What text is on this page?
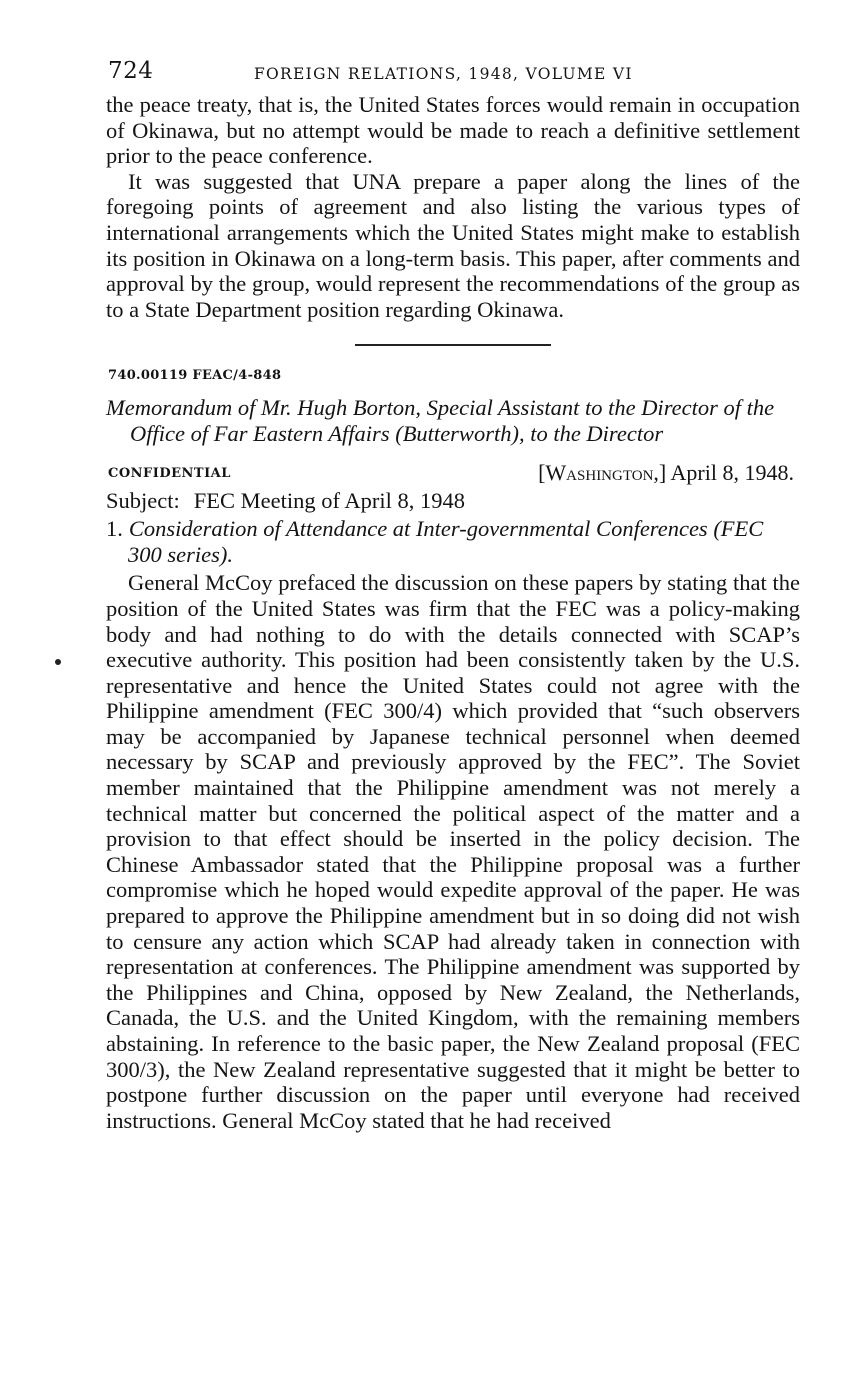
724	FOREIGN RELATIONS, 1948, VOLUME VI

the peace treaty, that is, the United States forces would remain in occupation of Okinawa, but no attempt would be made to reach a definitive settlement prior to the peace conference.

It was suggested that UNA prepare a paper along the lines of the foregoing points of agreement and also listing the various types of international arrangements which the United States might make to establish its position in Okinawa on a long-term basis. This paper, after comments and approval by the group, would represent the recommendations of the group as to a State Department position regarding Okinawa.

740.00119 FEAC/4-848

Memorandum of Mr. Hugh Borton, Special Assistant to the Director of the Office of Far Eastern Affairs (Butterworth), to the Director

CONFIDENTIAL	[Washington,] April 8, 1948.
Subject: FEC Meeting of April 8, 1948

1. Consideration of Attendance at Inter-governmental Conferences (FEC 300 series).

General McCoy prefaced the discussion on these papers by stating that the position of the United States was firm that the FEC was a policy-making body and had nothing to do with the details connected with SCAP’s executive authority. This position had been consistently taken by the U.S. representative and hence the United States could not agree with the Philippine amendment (FEC 300/4) which provided that “such observers may be accompanied by Japanese technical personnel when deemed necessary by SCAP and previously approved by the FEC”. The Soviet member maintained that the Philippine amendment was not merely a technical matter but concerned the political aspect of the matter and a provision to that effect should be inserted in the policy decision. The Chinese Ambassador stated that the Philippine proposal was a further compromise which he hoped would expedite approval of the paper. He was prepared to approve the Philippine amendment but in so doing did not wish to censure any action which SCAP had already taken in connection with representation at conferences. The Philippine amendment was supported by the Philippines and China, opposed by New Zealand, the Netherlands, Canada, the U.S. and the United Kingdom, with the remaining members abstaining. In reference to the basic paper, the New Zealand proposal (FEC 300/3), the New Zealand representative suggested that it might be better to postpone further discussion on the paper until everyone had received instructions. General McCoy stated that he had received
